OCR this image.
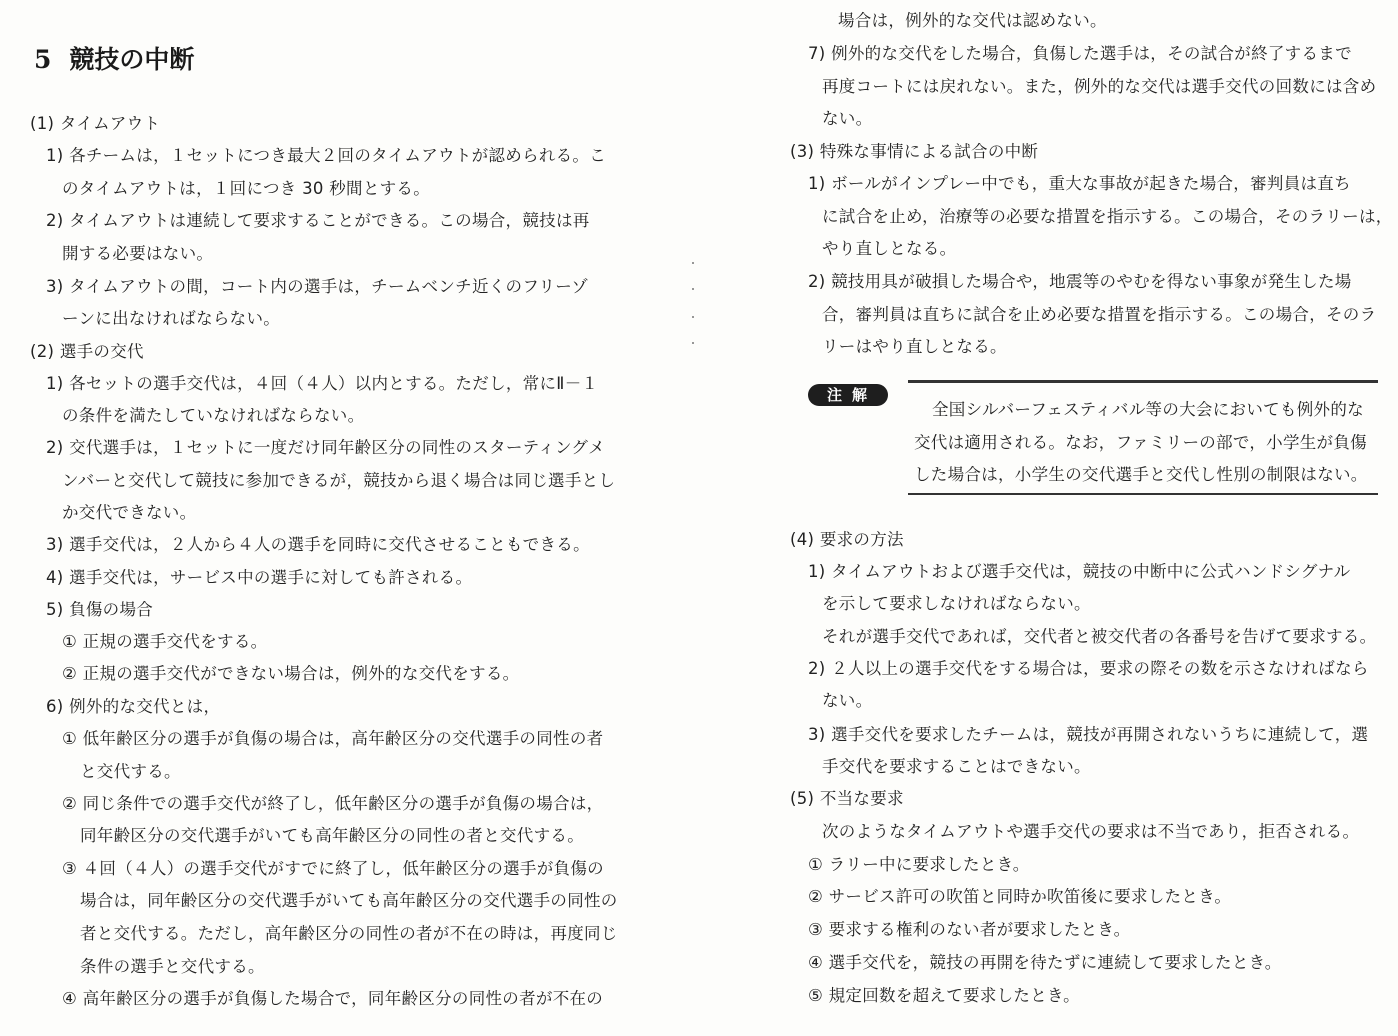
5 競技の中断
(1) タイムアウト
1) 各チームは，１セットにつき最大２回のタイムアウトが認められる。こ
のタイムアウトは，１回につき 30 秒間とする。
2) タイムアウトは連続して要求することができる。この場合，競技は再
開する必要はない。
3) タイムアウトの間，コート内の選手は，チームベンチ近くのフリーゾ
ーンに出なければならない。
(2) 選手の交代
1) 各セットの選手交代は，４回（４人）以内とする。ただし，常にⅡ－１
の条件を満たしていなければならない。
2) 交代選手は，１セットに一度だけ同年齢区分の同性のスターティングメ
ンバーと交代して競技に参加できるが，競技から退く場合は同じ選手とし
か交代できない。
3) 選手交代は，２人から４人の選手を同時に交代させることもできる。
4) 選手交代は，サービス中の選手に対しても許される。
5) 負傷の場合
① 正規の選手交代をする。
② 正規の選手交代ができない場合は，例外的な交代をする。
6) 例外的な交代とは，
① 低年齢区分の選手が負傷の場合は，高年齢区分の交代選手の同性の者
と交代する。
② 同じ条件での選手交代が終了し，低年齢区分の選手が負傷の場合は，
同年齢区分の交代選手がいても高年齢区分の同性の者と交代する。
③ ４回（４人）の選手交代がすでに終了し，低年齢区分の選手が負傷の
場合は，同年齢区分の交代選手がいても高年齢区分の交代選手の同性の
者と交代する。ただし，高年齢区分の同性の者が不在の時は，再度同じ
条件の選手と交代する。
④ 高年齢区分の選手が負傷した場合で，同年齢区分の同性の者が不在の
場合は，例外的な交代は認めない。
7) 例外的な交代をした場合，負傷した選手は，その試合が終了するまで
再度コートには戻れない。また，例外的な交代は選手交代の回数には含め
ない。
(3) 特殊な事情による試合の中断
1) ボールがインプレー中でも，重大な事故が起きた場合，審判員は直ち
に試合を止め，治療等の必要な措置を指示する。この場合，そのラリーは，
やり直しとなる。
2) 競技用具が破損した場合や，地震等のやむを得ない事象が発生した場
合，審判員は直ちに試合を止め必要な措置を指示する。この場合，そのラ
リーはやり直しとなる。
(4) 要求の方法
1) タイムアウトおよび選手交代は，競技の中断中に公式ハンドシグナル
を示して要求しなければならない。
それが選手交代であれば，交代者と被交代者の各番号を告げて要求する。
2) ２人以上の選手交代をする場合は，要求の際その数を示さなければなら
ない。
3) 選手交代を要求したチームは，競技が再開されないうちに連続して，選
手交代を要求することはできない。
(5) 不当な要求
次のようなタイムアウトや選手交代の要求は不当であり，拒否される。
① ラリー中に要求したとき。
② サービス許可の吹笛と同時か吹笛後に要求したとき。
③ 要求する権利のない者が要求したとき。
④ 選手交代を，競技の再開を待たずに連続して要求したとき。
⑤ 規定回数を超えて要求したとき。
注解
全国シルバーフェスティバル等の大会においても例外的な
交代は適用される。なお，ファミリーの部で，小学生が負傷
した場合は，小学生の交代選手と交代し性別の制限はない。
